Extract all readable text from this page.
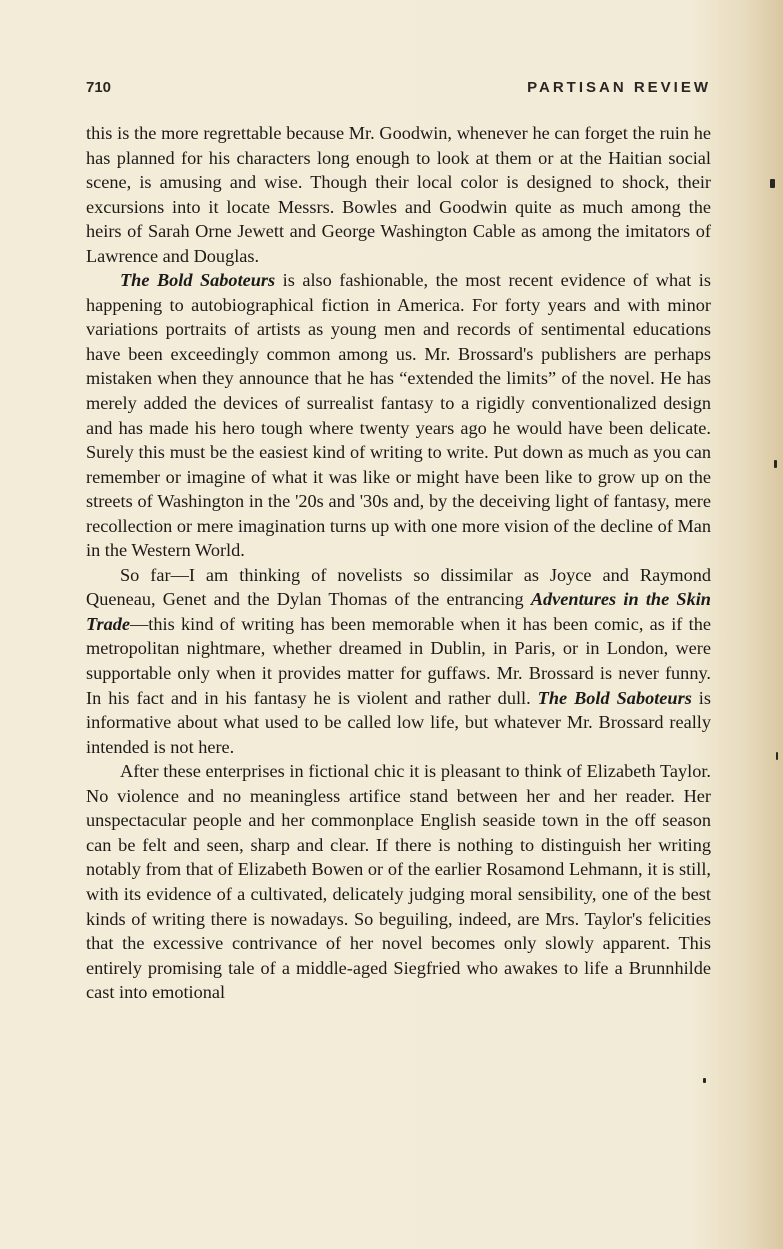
710	PARTISAN REVIEW

this is the more regrettable because Mr. Goodwin, whenever he can forget the ruin he has planned for his characters long enough to look at them or at the Haitian social scene, is amusing and wise. Though their local color is designed to shock, their excursions into it locate Messrs. Bowles and Goodwin quite as much among the heirs of Sarah Orne Jewett and George Washington Cable as among the imitators of Lawrence and Douglas.

The Bold Saboteurs is also fashionable, the most recent evidence of what is happening to autobiographical fiction in America. For forty years and with minor variations portraits of artists as young men and records of sentimental educations have been exceedingly common among us. Mr. Brossard's publishers are perhaps mistaken when they announce that he has “extended the limits” of the novel. He has merely added the devices of surrealist fantasy to a rigidly conventionalized design and has made his hero tough where twenty years ago he would have been delicate. Surely this must be the easiest kind of writing to write. Put down as much as you can remember or imagine of what it was like or might have been like to grow up on the streets of Washington in the '20s and '30s and, by the deceiving light of fantasy, mere recollection or mere imagination turns up with one more vision of the decline of Man in the Western World.

So far—I am thinking of novelists so dissimilar as Joyce and Raymond Queneau, Genet and the Dylan Thomas of the entrancing Adventures in the Skin Trade—this kind of writing has been memorable when it has been comic, as if the metropolitan nightmare, whether dreamed in Dublin, in Paris, or in London, were supportable only when it provides matter for guffaws. Mr. Brossard is never funny. In his fact and in his fantasy he is violent and rather dull. The Bold Saboteurs is informative about what used to be called low life, but whatever Mr. Brossard really intended is not here.

After these enterprises in fictional chic it is pleasant to think of Elizabeth Taylor. No violence and no meaningless artifice stand between her and her reader. Her unspectacular people and her commonplace English seaside town in the off season can be felt and seen, sharp and clear. If there is nothing to distinguish her writing notably from that of Elizabeth Bowen or of the earlier Rosamond Lehmann, it is still, with its evidence of a cultivated, delicately judging moral sensibility, one of the best kinds of writing there is nowadays. So beguiling, indeed, are Mrs. Taylor's felicities that the excessive contrivance of her novel becomes only slowly apparent. This entirely promising tale of a middle-aged Siegfried who awakes to life a Brunnhilde cast into emotional
